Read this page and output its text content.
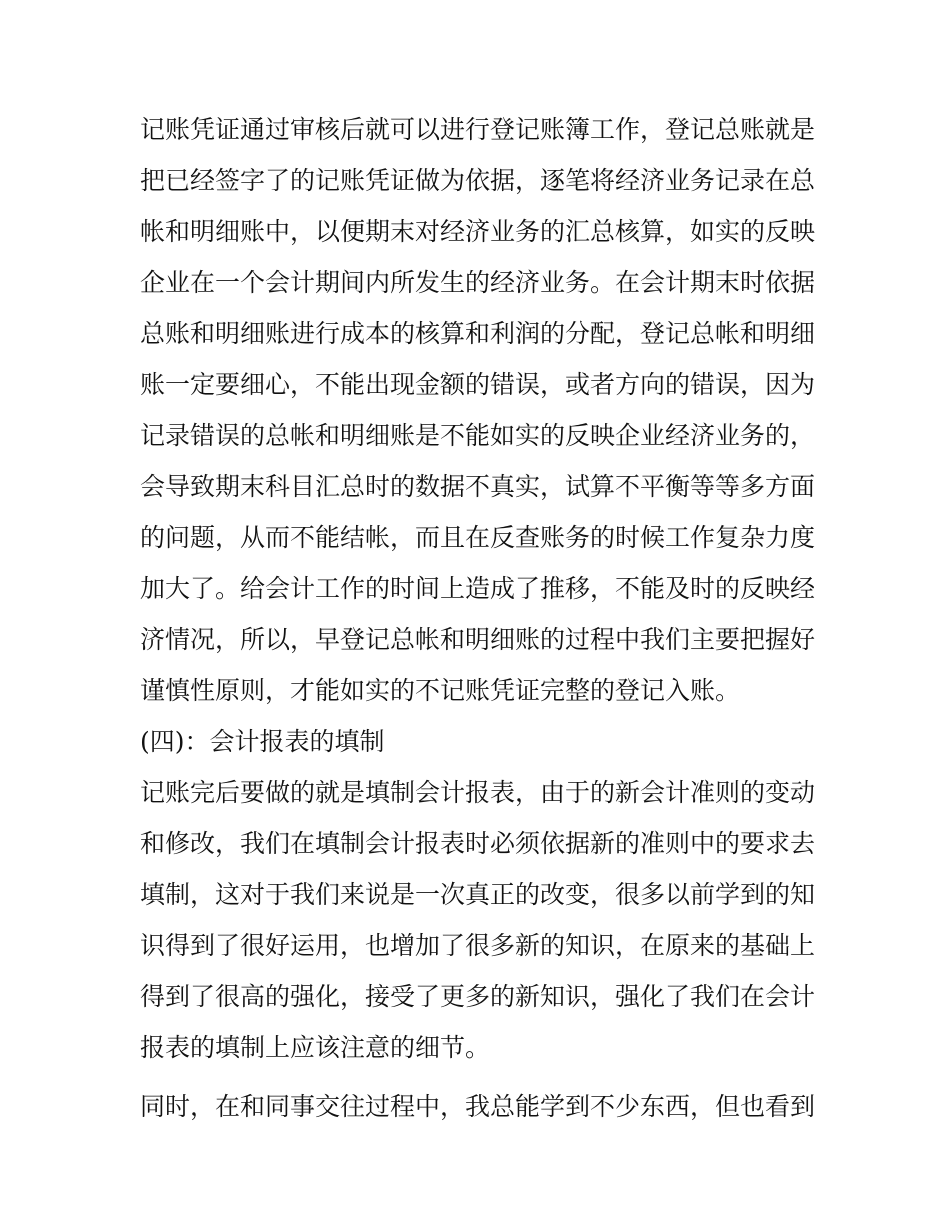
记账凭证通过审核后就可以进行登记账簿工作，登记总账就是
把已经签字了的记账凭证做为依据，逐笔将经济业务记录在总
帐和明细账中，以便期末对经济业务的汇总核算，如实的反映
企业在一个会计期间内所发生的经济业务。在会计期末时依据
总账和明细账进行成本的核算和利润的分配，登记总帐和明细
账一定要细心，不能出现金额的错误，或者方向的错误，因为
记录错误的总帐和明细账是不能如实的反映企业经济业务的，
会导致期末科目汇总时的数据不真实，试算不平衡等等多方面
的问题，从而不能结帐，而且在反查账务的时候工作复杂力度
加大了。给会计工作的时间上造成了推移，不能及时的反映经
济情况，所以，早登记总帐和明细账的过程中我们主要把握好
谨慎性原则，才能如实的不记账凭证完整的登记入账。
(四)：会计报表的填制
记账完后要做的就是填制会计报表，由于的新会计准则的变动
和修改，我们在填制会计报表时必须依据新的准则中的要求去
填制，这对于我们来说是一次真正的改变，很多以前学到的知
识得到了很好运用，也增加了很多新的知识，在原来的基础上
得到了很高的强化，接受了更多的新知识，强化了我们在会计
报表的填制上应该注意的细节。
同时，在和同事交往过程中，我总能学到不少东西，但也看到
